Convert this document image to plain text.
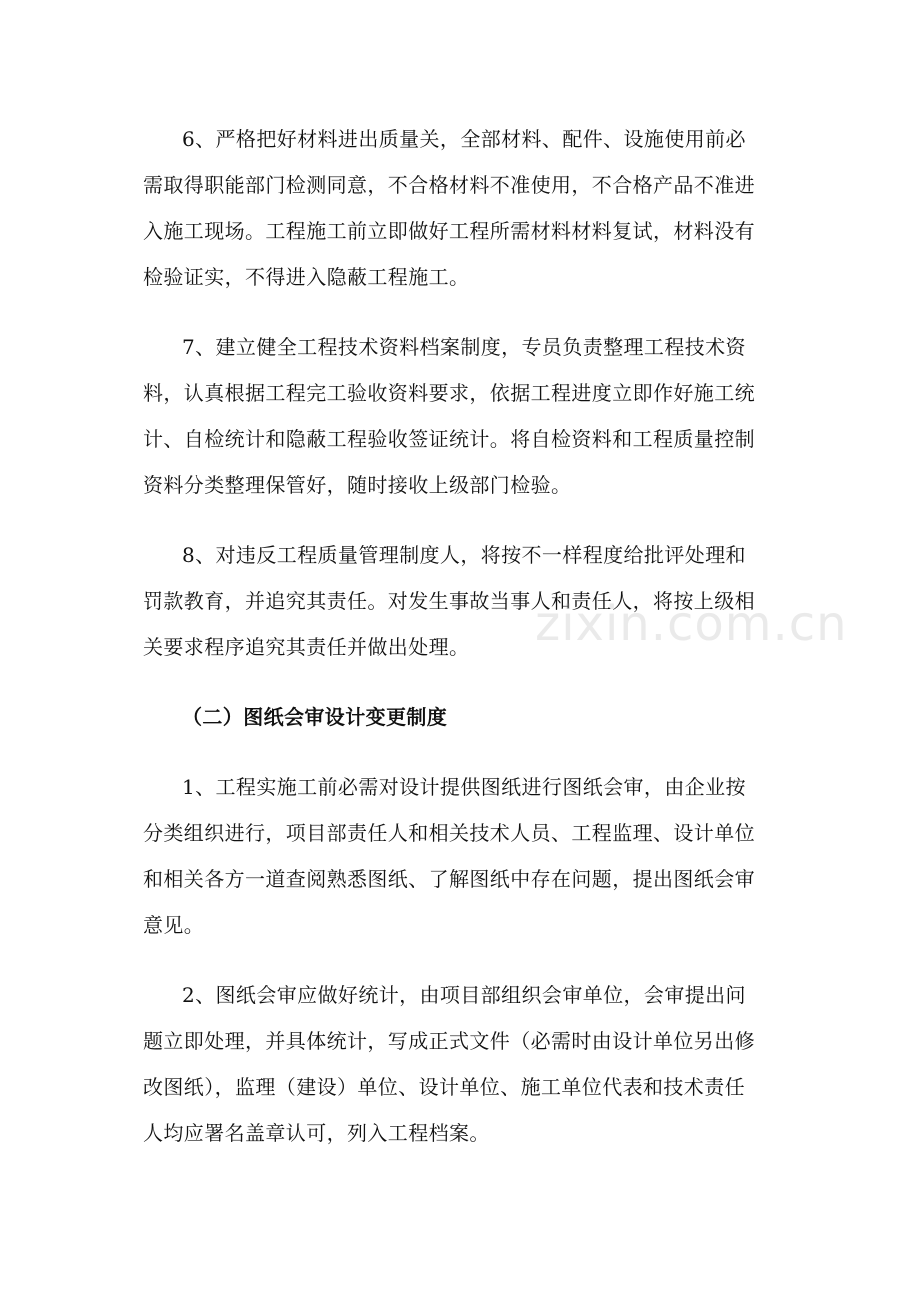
6、严格把好材料进出质量关，全部材料、配件、设施使用前必
需取得职能部门检测同意，不合格材料不准使用，不合格产品不准进
入施工现场。工程施工前立即做好工程所需材料材料复试，材料没有
检验证实，不得进入隐蔽工程施工。
7、建立健全工程技术资料档案制度，专员负责整理工程技术资
料，认真根据工程完工验收资料要求，依据工程进度立即作好施工统
计、自检统计和隐蔽工程验收签证统计。将自检资料和工程质量控制
资料分类整理保管好，随时接收上级部门检验。
8、对违反工程质量管理制度人，将按不一样程度给批评处理和
罚款教育，并追究其责任。对发生事故当事人和责任人，将按上级相
关要求程序追究其责任并做出处理。 zixin.com.cn
（二）图纸会审设计变更制度
1、工程实施工前必需对设计提供图纸进行图纸会审，由企业按
分类组织进行，项目部责任人和相关技术人员、工程监理、设计单位
和相关各方一道查阅熟悉图纸、了解图纸中存在问题，提出图纸会审
意见。
2、图纸会审应做好统计，由项目部组织会审单位，会审提出问
题立即处理，并具体统计，写成正式文件（必需时由设计单位另出修
改图纸），监理（建设）单位、设计单位、施工单位代表和技术责任
人均应署名盖章认可，列入工程档案。
